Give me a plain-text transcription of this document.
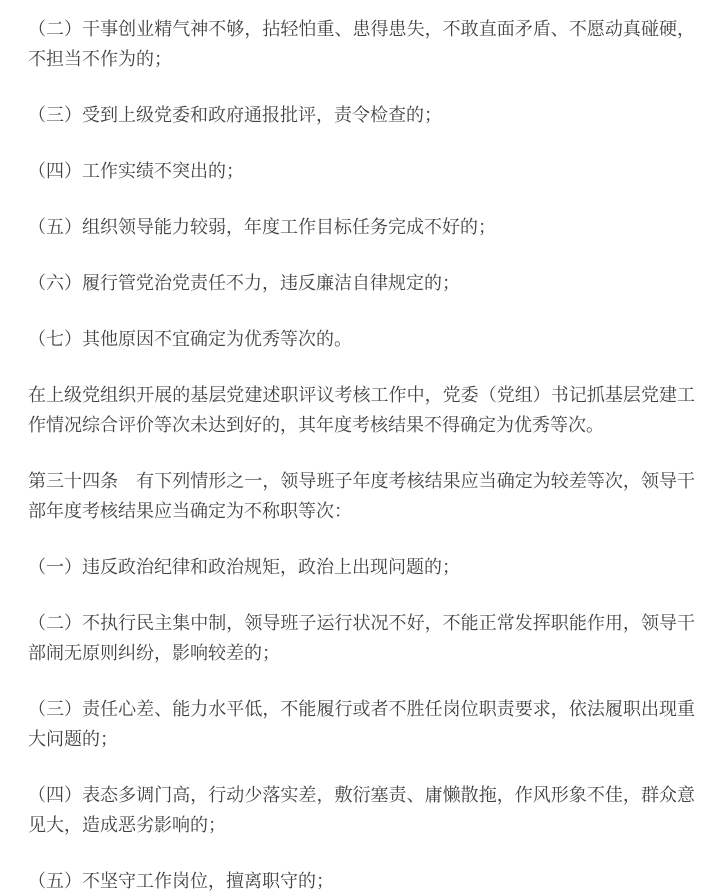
（二）干事创业精气神不够，拈轻怕重、患得患失，不敢直面矛盾、不愿动真碰硬，不担当不作为的；

（三）受到上级党委和政府通报批评，责令检查的；

（四）工作实绩不突出的；

（五）组织领导能力较弱，年度工作目标任务完成不好的；

（六）履行管党治党责任不力，违反廉洁自律规定的；

（七）其他原因不宜确定为优秀等次的。

在上级党组织开展的基层党建述职评议考核工作中，党委（党组）书记抓基层党建工作情况综合评价等次未达到好的，其年度考核结果不得确定为优秀等次。

第三十四条　有下列情形之一，领导班子年度考核结果应当确定为较差等次，领导干部年度考核结果应当确定为不称职等次：

（一）违反政治纪律和政治规矩，政治上出现问题的；

（二）不执行民主集中制，领导班子运行状况不好，不能正常发挥职能作用，领导干部闹无原则纠纷，影响较差的；

（三）责任心差、能力水平低，不能履行或者不胜任岗位职责要求，依法履职出现重大问题的；

（四）表态多调门高，行动少落实差，敷衍塞责、庸懒散拖，作风形象不佳，群众意见大，造成恶劣影响的；

（五）不坚守工作岗位，擅离职守的；
